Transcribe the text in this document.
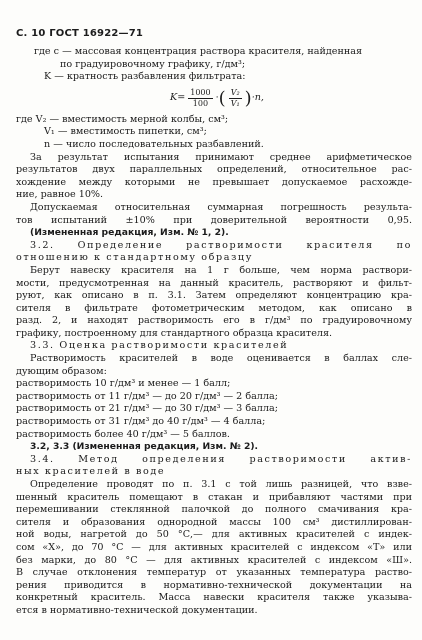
С. 10 ГОСТ 16922—71
где с — массовая концентрация раствора красителя, найденная
по градуировочному графику, г/дм³;
K — кратность разбавления фильтрата:
$K = \frac{1000}{100}$ · ( $\frac{\text{V₂}}{\text{V₁}}$ ) ·n,
где V₂ — вместимость мерной колбы, см³;
V₁ — вместимость пипетки, см³;
n — число последовательных разбавлений.
За результат испытания принимают среднее арифметическое
результатов двух параллельных определений, относительное рас-
хождение между которыми не превышает допускаемое расхожде-
ние, равное 10%.
Допускаемая относительная суммарная погрешность результа-
тов испытаний ±10% при доверительной вероятности 0,95.
(Измененная редакция, Изм. № 1, 2).
3.2. Определение растворимости красителя по
отношению к стандартному образцу
Берут навеску красителя на 1 г больше, чем норма раствори-
мости, предусмотренная на данный краситель, растворяют и фильт-
руют, как описано в п. 3.1. Затем определяют концентрацию кра-
сителя в фильтрате фотометрическим методом, как описано в
разд. 2, и находят растворимость его в г/дм³ по градуировочному
графику, построенному для стандартного образца красителя.
3.3. Оценка растворимости красителей
Растворимость красителей в воде оценивается в баллах сле-
дующим образом:
растворимость 10 г/дм³ и менее — 1 балл;
растворимость от 11 г/дм³ — до 20 г/дм³ — 2 балла;
растворимость от 21 г/дм³ — до 30 г/дм³ — 3 балла;
растворимость от 31 г/дм³ до 40 г/дм³ — 4 балла;
растворимость более 40 г/дм³ — 5 баллов.
3.2, 3.3 (Измененная редакция, Изм. № 2).
3.4. Метод определения растворимости актив-
ных красителей в воде
Определение проводят по п. 3.1 с той лишь разницей, что взве-
шенный краситель помещают в стакан и прибавляют частями при
перемешивании стеклянной палочкой до полного смачивания кра-
сителя и образования однородной массы 100 см³ дистиллирован-
ной воды, нагретой до 50 °С,— для активных красителей с индек-
сом «Х», до 70 °С — для активных красителей с индексом «Т» или
без марки, до 80 °С — для активных красителей с индексом «Ш».
В случае отклонения температур от указанных температура раство-
рения приводится в нормативно-технической документации на
конкретный краситель. Масса навески красителя также указыва-
ется в нормативно-технической документации.
